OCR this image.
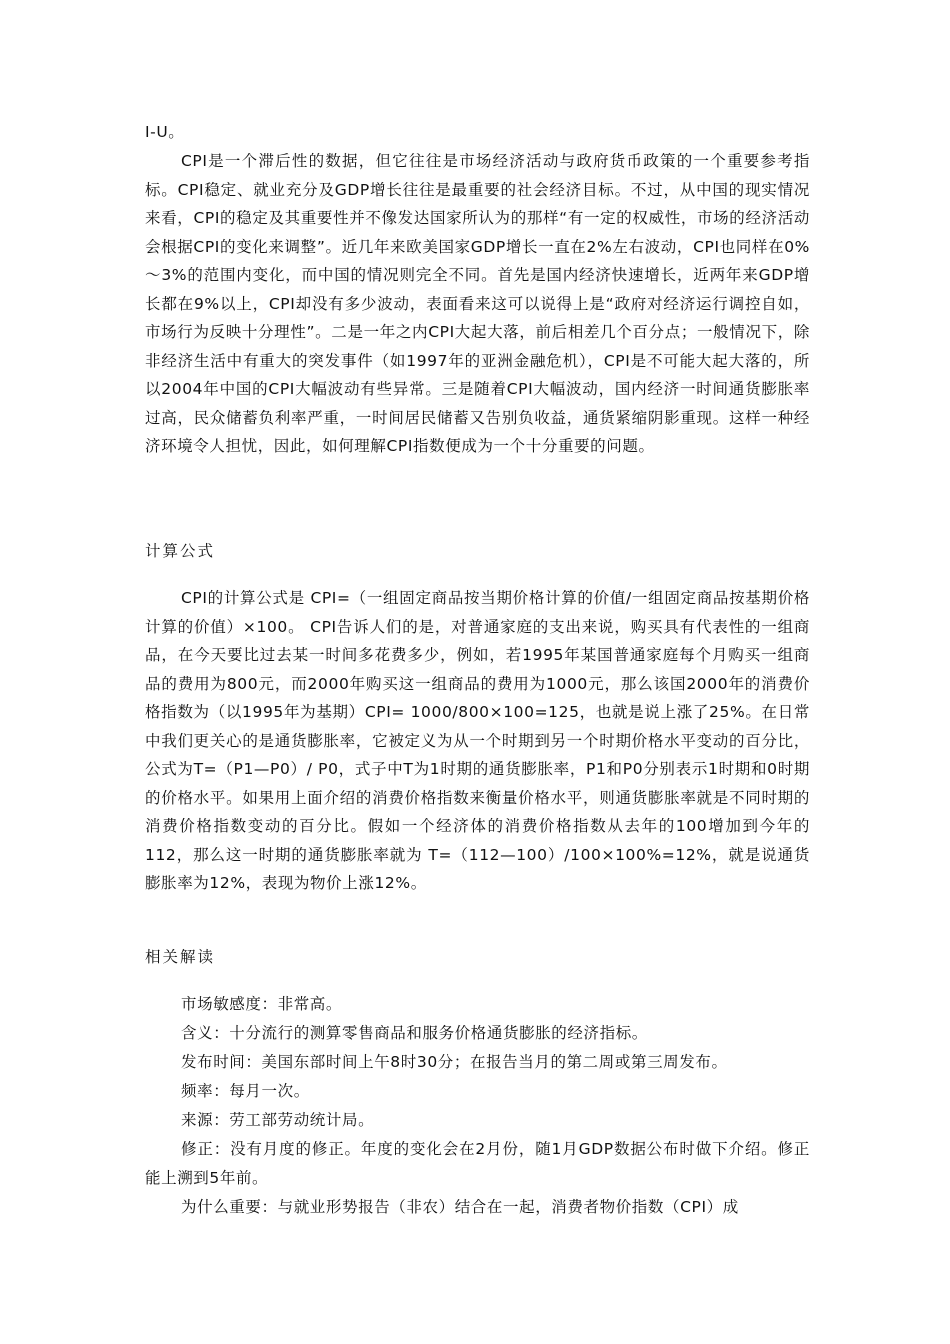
I-U。

CPI是一个滞后性的数据，但它往往是市场经济活动与政府货币政策的一个重要参考指标。CPI稳定、就业充分及GDP增长往往是最重要的社会经济目标。不过，从中国的现实情况来看，CPI的稳定及其重要性并不像发达国家所认为的那样“有一定的权威性，市场的经济活动会根据CPI的变化来调整”。近几年来欧美国家GDP增长一直在2%左右波动，CPI也同样在0%～3%的范围内变化，而中国的情况则完全不同。首先是国内经济快速增长，近两年来GDP增长都在9%以上，CPI却没有多少波动，表面看来这可以说得上是“政府对经济运行调控自如，市场行为反映十分理性”。二是一年之内CPI大起大落，前后相差几个百分点；一般情况下，除非经济生活中有重大的突发事件（如1997年的亚洲金融危机），CPI是不可能大起大落的，所以2004年中国的CPI大幅波动有些异常。三是随着CPI大幅波动，国内经济一时间通货膨胀率过高，民众储蓄负利率严重，一时间居民储蓄又告别负收益，通货紧缩阴影重现。这样一种经济环境令人担忧，因此，如何理解CPI指数便成为一个十分重要的问题。

计算公式

CPI的计算公式是 CPI=（一组固定商品按当期价格计算的价值/一组固定商品按基期价格计算的价值）×100。 CPI告诉人们的是，对普通家庭的支出来说，购买具有代表性的一组商品，在今天要比过去某一时间多花费多少，例如，若1995年某国普通家庭每个月购买一组商品的费用为800元，而2000年购买这一组商品的费用为1000元，那么该国2000年的消费价格指数为（以1995年为基期）CPI= 1000/800×100=125，也就是说上涨了25%。在日常中我们更关心的是通货膨胀率，它被定义为从一个时期到另一个时期价格水平变动的百分比，公式为T=（P1—P0）/ P0，式子中T为1时期的通货膨胀率，P1和P0分别表示1时期和0时期的价格水平。如果用上面介绍的消费价格指数来衡量价格水平，则通货膨胀率就是不同时期的消费价格指数变动的百分比。假如一个经济体的消费价格指数从去年的100增加到今年的112，那么这一时期的通货膨胀率就为 T=（112—100）/100×100%=12%，就是说通货膨胀率为12%，表现为物价上涨12%。

相关解读

市场敏感度：非常高。

含义：十分流行的测算零售商品和服务价格通货膨胀的经济指标。

发布时间：美国东部时间上午8时30分；在报告当月的第二周或第三周发布。

频率：每月一次。

来源：劳工部劳动统计局。

修正：没有月度的修正。年度的变化会在2月份，随1月GDP数据公布时做下介绍。修正能上溯到5年前。

为什么重要：与就业形势报告（非农）结合在一起，消费者物价指数（CPI）成
